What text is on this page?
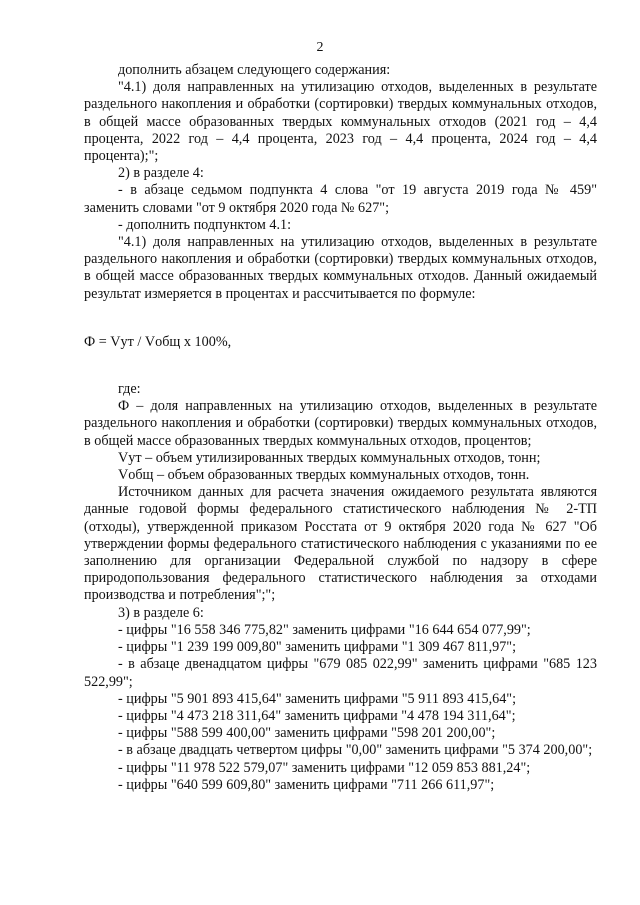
2

дополнить абзацем следующего содержания:

"4.1) доля направленных на утилизацию отходов, выделенных в результате раздельного накопления и обработки (сортировки) твердых коммунальных отходов, в общей массе образованных твердых коммунальных отходов (2021 год – 4,4 процента, 2022 год – 4,4 процента, 2023 год – 4,4 процента, 2024 год – 4,4 процента);";

2) в разделе 4:

- в абзаце седьмом подпункта 4 слова "от 19 августа 2019 года № 459" заменить словами "от 9 октября 2020 года № 627";

- дополнить подпунктом 4.1:

"4.1) доля направленных на утилизацию отходов, выделенных в результате раздельного накопления и обработки (сортировки) твердых коммунальных отходов, в общей массе образованных твердых коммунальных отходов. Данный ожидаемый результат измеряется в процентах и рассчитывается по формуле:

Ф = Vут / Vобщ х 100%,

где:

Ф – доля направленных на утилизацию отходов, выделенных в результате раздельного накопления и обработки (сортировки) твердых коммунальных отходов, в общей массе образованных твердых коммунальных отходов, процентов;

Vут – объем утилизированных твердых коммунальных отходов, тонн;

Vобщ – объем образованных твердых коммунальных отходов, тонн.

Источником данных для расчета значения ожидаемого результата являются данные годовой формы федерального статистического наблюдения № 2-ТП (отходы), утвержденной приказом Росстата от 9 октября 2020 года № 627 "Об утверждении формы федерального статистического наблюдения с указаниями по ее заполнению для организации Федеральной службой по надзору в сфере природопользования федерального статистического наблюдения за отходами производства и потребления";";

3) в разделе 6:

- цифры "16 558 346 775,82" заменить цифрами "16 644 654 077,99";

- цифры "1 239 199 009,80" заменить цифрами "1 309 467 811,97";

- в абзаце двенадцатом цифры "679 085 022,99" заменить цифрами "685 123 522,99";

- цифры "5 901 893 415,64" заменить цифрами "5 911 893 415,64";

- цифры "4 473 218 311,64" заменить цифрами "4 478 194 311,64";

- цифры "588 599 400,00" заменить цифрами "598 201 200,00";

- в абзаце двадцать четвертом цифры "0,00" заменить цифрами "5 374 200,00";

- цифры "11 978 522 579,07" заменить цифрами "12 059 853 881,24";

- цифры "640 599 609,80" заменить цифрами "711 266 611,97";
